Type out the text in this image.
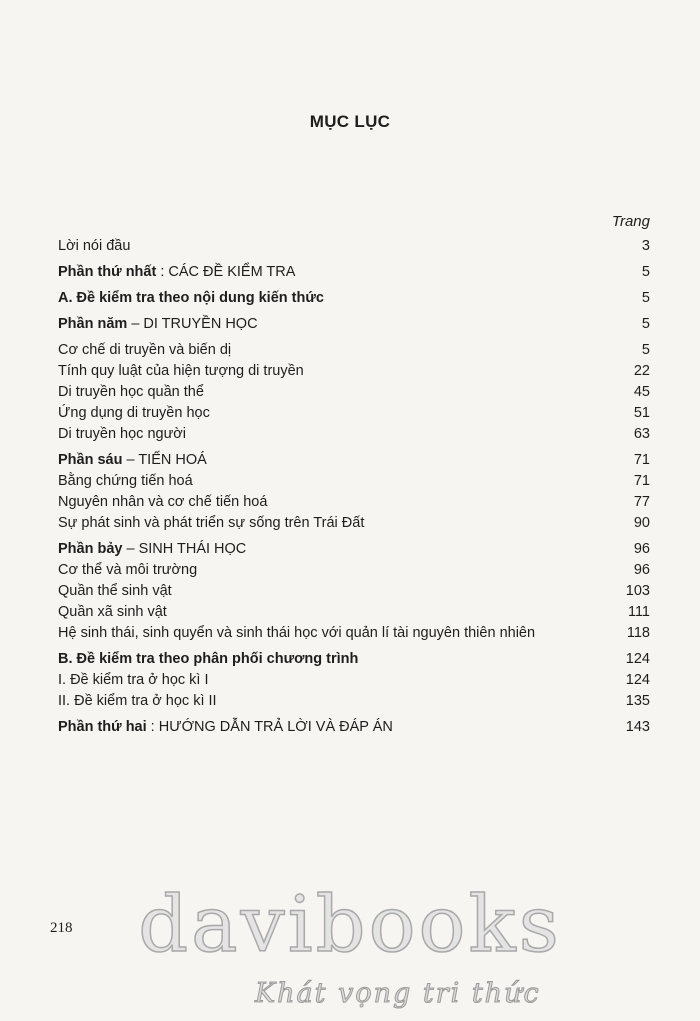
MỤC LỤC
Trang
Lời nói đầu	3
Phần thứ nhất : CÁC ĐỀ KIỂM TRA	5
A. Đề kiểm tra theo nội dung kiến thức	5
Phần năm – DI TRUYỀN HỌC	5
Cơ chế di truyền và biến dị	5
Tính quy luật của hiện tượng di truyền	22
Di truyền học quần thể	45
Ứng dụng di truyền học	51
Di truyền học người	63
Phần sáu – TIẾN HOÁ	71
Bằng chứng tiến hoá	71
Nguyên nhân và cơ chế tiến hoá	77
Sự phát sinh và phát triển sự sống trên Trái Đất	90
Phần bảy – SINH THÁI HỌC	96
Cơ thể và môi trường	96
Quần thể sinh vật	103
Quần xã sinh vật	111
Hệ sinh thái, sinh quyển và sinh thái học với quản lí tài nguyên thiên nhiên	118
B. Đề kiểm tra theo phân phối chương trình	124
I. Đề kiểm tra ở học kì I	124
II. Đề kiểm tra ở học kì II	135
Phần thứ hai : HƯỚNG DẪN TRẢ LỜI VÀ ĐÁP ÁN	143
218 davibooks
Khát vọng tri thức
